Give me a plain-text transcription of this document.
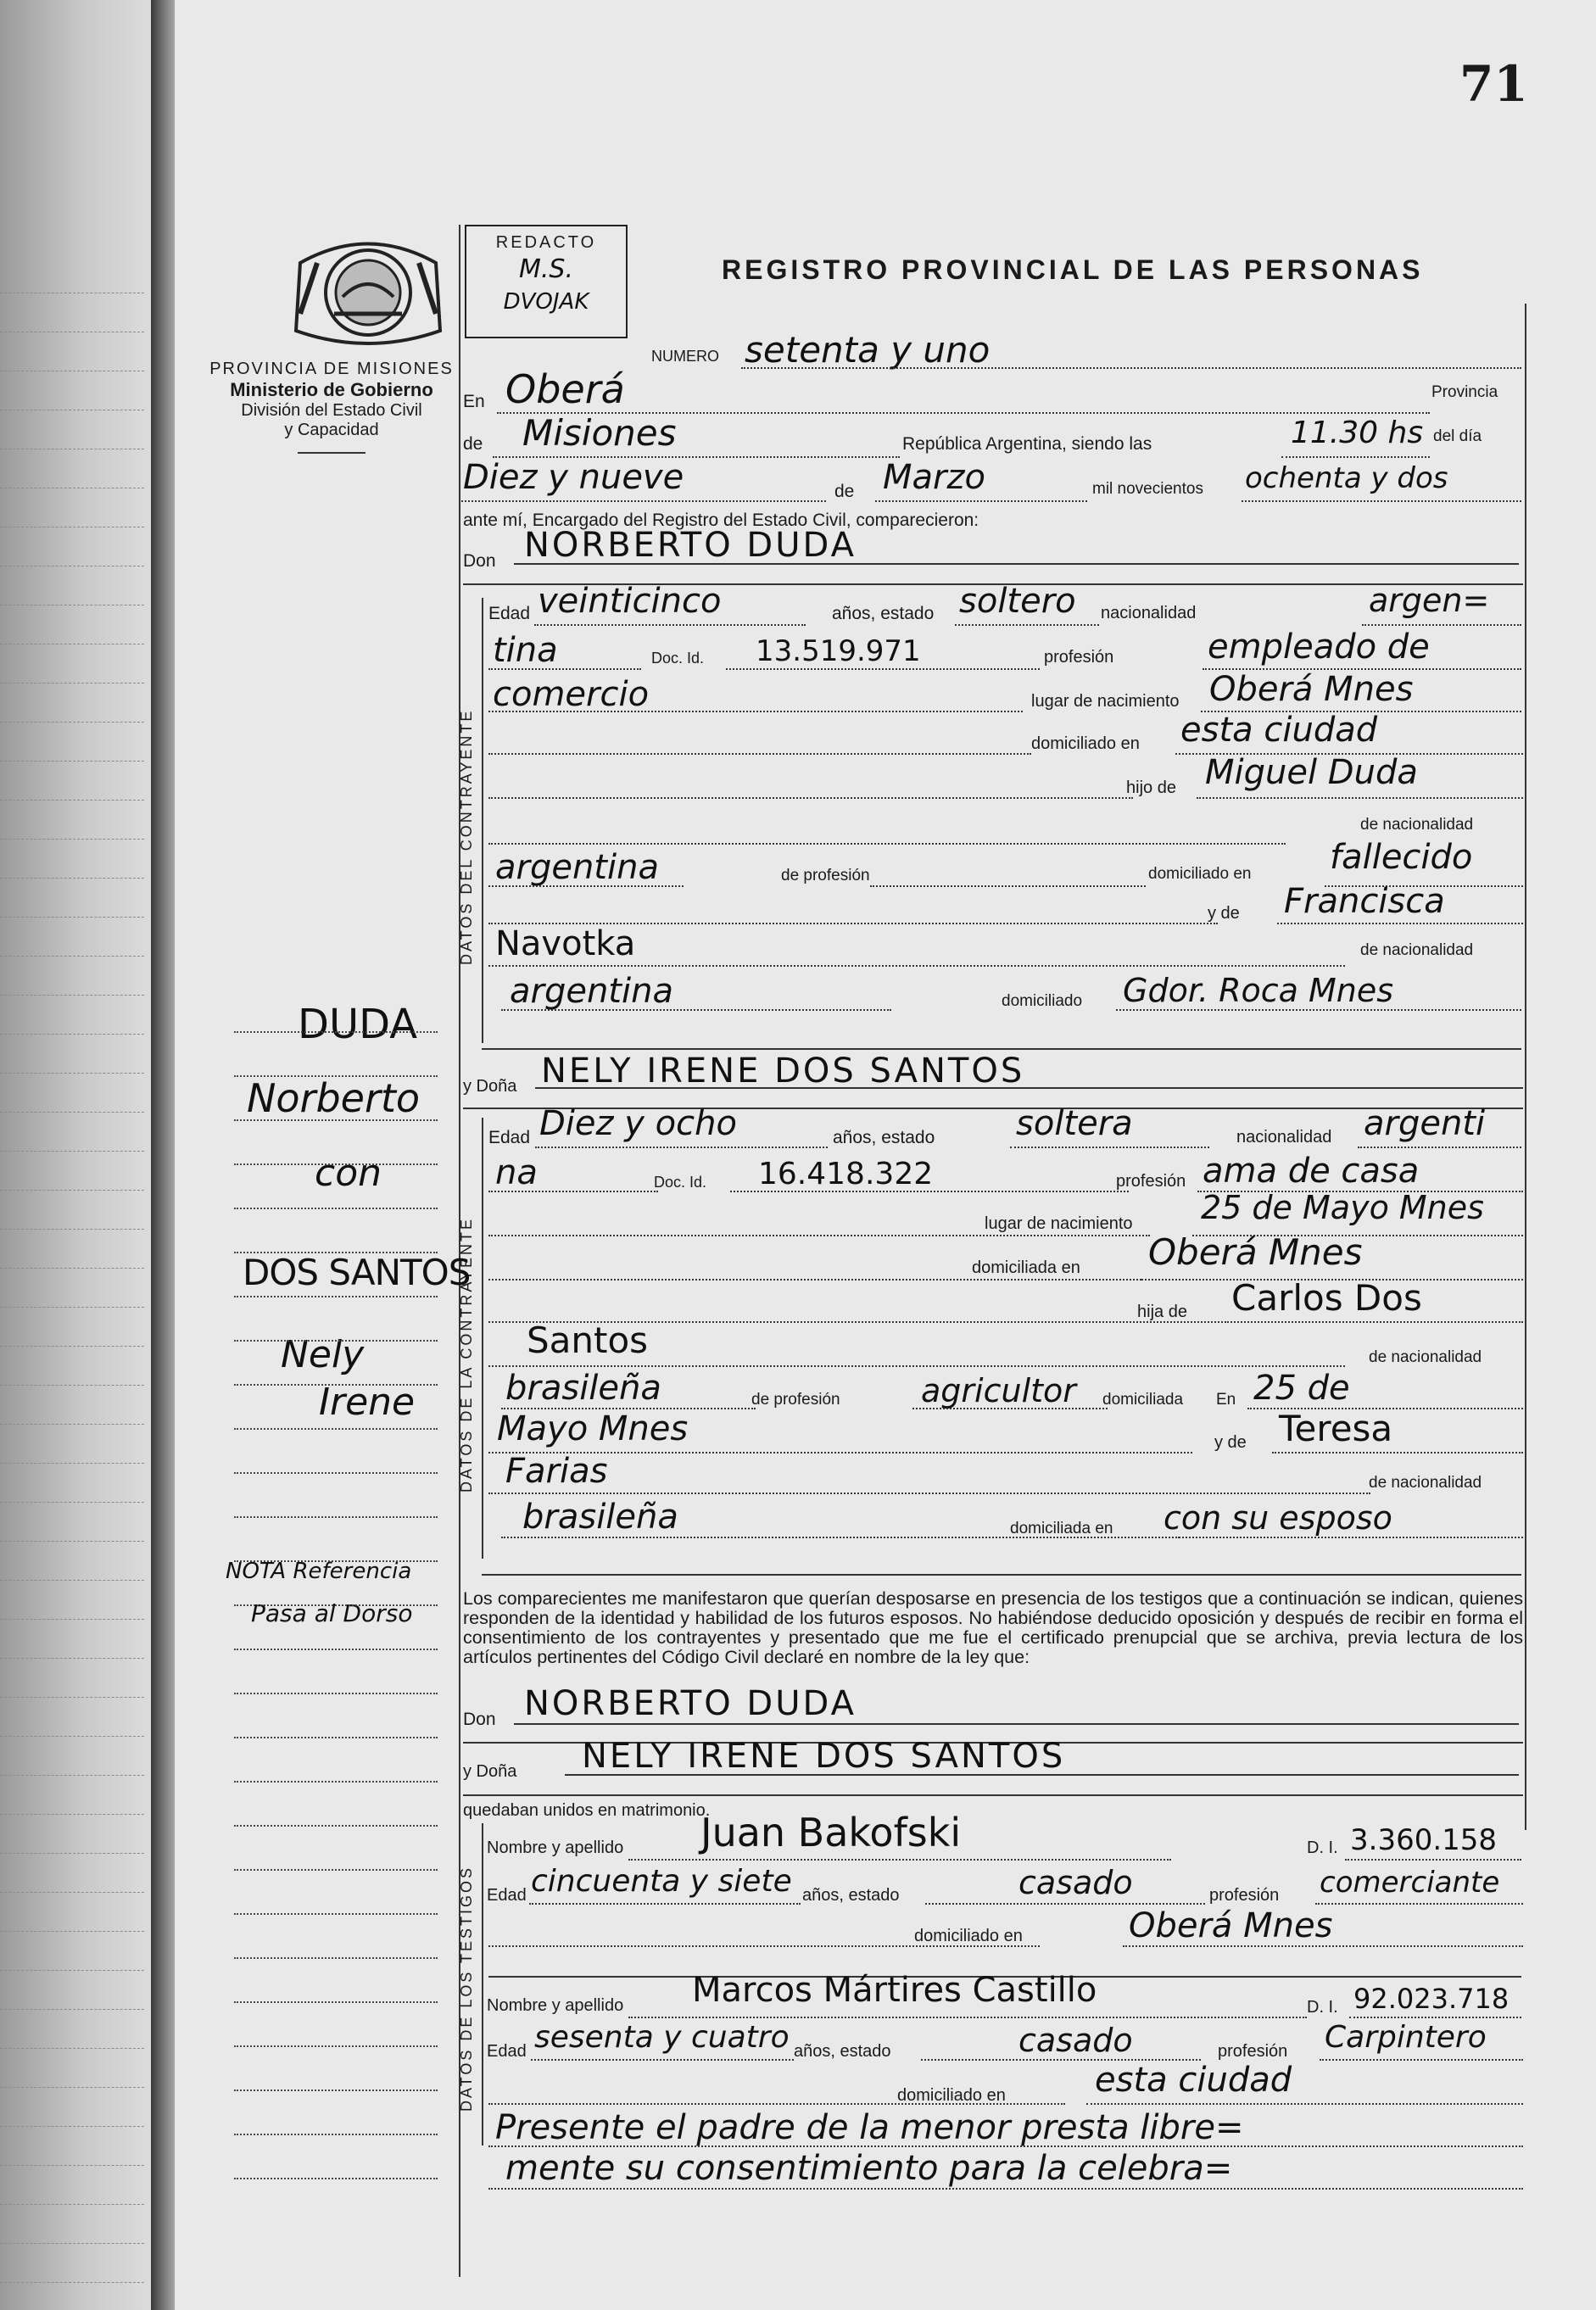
71
PROVINCIA DE MISIONES
Ministerio de Gobierno
División del Estado Civil
y Capacidad
REDACTO
M.S.
DVOJAK
REGISTRO PROVINCIAL DE LAS PERSONAS
NUMERO setenta y uno
En Oberá	Provincia
de Misiones	República Argentina, siendo las	11.30 hs del día
Diez y nueve	de Marzo	mil novecientos ochenta y dos
ante mí, Encargado del Registro del Estado Civil, comparecieron:
Don NORBERTO DUDA
DATOS DEL CONTRAYENTE
Edad veinticinco	años, estado soltero nacionalidad	argen=
tina	Doc. Id. 13.519.971	profesión	empleado de
comercio	lugar de nacimiento Oberá Mnes
domiciliado en esta ciudad
hijo de Miguel Duda
de nacionalidad
argentina	de profesión	domiciliado en fallecido
y de Francisca
Navotka	de nacionalidad
argentina	domiciliado Gdor. Roca Mnes
y Doña NELY IRENE DOS SANTOS
DATOS DE LA CONTRAYENTE
Edad Diez y ocho	años, estado soltera	nacionalidad argenti
na	Doc. Id. 16.418.322	profesión ama de casa
lugar de nacimiento 25 de Mayo Mnes
domiciliada en Oberá Mnes
hija de Carlos Dos
Santos	de nacionalidad
brasileña	de profesión	agricultor domiciliada En 25 de
Mayo Mnes	y de Teresa
Farias	de nacionalidad
brasileña	domiciliada en con su esposo
Los comparecientes me manifestaron que querían desposarse en presencia de los testigos que a continuación se indican, quienes responden de la identidad y habilidad de los futuros esposos. No habiéndose deducido oposición y después de recibir en forma el consentimiento de los contrayentes y presentado que me fue el certificado prenupcial que se archiva, previa lectura de los artículos pertinentes del Código Civil declaré en nombre de la ley que:
Don NORBERTO DUDA
y Doña NELY IRENE DOS SANTOS
quedaban unidos en matrimonio.
DATOS DE LOS TESTIGOS
Nombre y apellido Juan Bakofski	D. I. 3.360.158
Edad cincuenta y siete años, estado	casado	profesión comerciante
domiciliado en	Oberá Mnes
Nombre y apellido Marcos Mártires Castillo	D. I. 92.023.718
Edad sesenta y cuatro años, estado	casado	profesión Carpintero
domiciliado en	esta ciudad
Presente el padre de la menor presta libre=
mente su consentimiento para la celebra=
DUDA
Norberto
con
DOS SANTOS
Nely
Irene
NOTA Referencia
Pasa al Dorso
